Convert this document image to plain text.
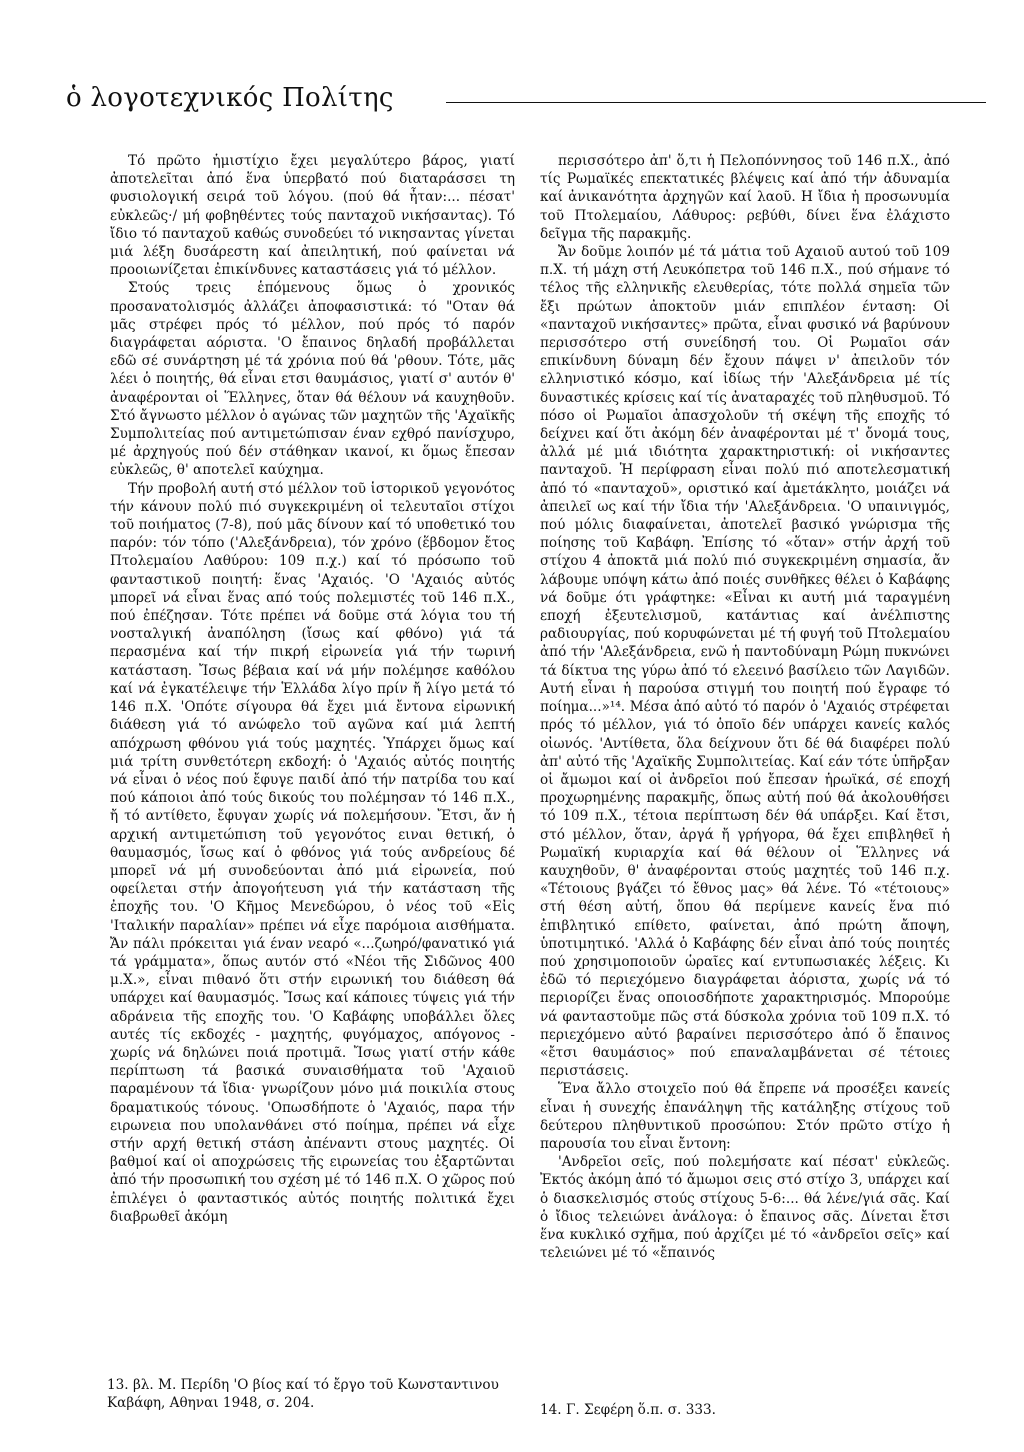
ὁ λογοτεχνικός Πολίτης

Τό πρῶτο ἡμιστίχιο ἔχει μεγαλύτερο βάρος, γιατί ἀποτελεῖται ἀπό ἕνα ὑπερβατό πού διαταράσσει τη φυσιολογική σειρά τοῦ λόγου. (πού θά ἦταν:... πέσατ' εὐκλεῶς·/ μή φοβηθέντες τούς πανταχοῦ νικήσαντας). Τό ἴδιο τό πανταχοῦ καθώς συνοδεύει τό νικησαντας γίνεται μιά λέξη δυσάρεστη καί ἀπειλητική, πού φαίνεται νά προοιωνίζεται ἐπικίνδυνες καταστάσεις γιά τό μέλλον.

Στούς τρεις ἑπόμενους ὅμως ὁ χρονικός προσανατολισμός ἀλλάζει ἀποφασιστικά: τό "Οταν θά μᾶς στρέφει πρός τό μέλλον, πού πρός τό παρόν διαγράφεται αόριστα. 'Ο ἔπαινος δηλαδή προβάλλεται εδῶ σέ συνάρτηση μέ τά χρόνια πού θά 'ρθουν. Τότε, μᾶς λέει ὁ ποιητής, θά εἶναι ετσι θαυμάσιος, γιατί σ' αυτόν θ' ἀναφέρονται οἱ Ἕλληνες, ὅταν θά θέλουν νά καυχηθοῦν. Στό ἄγνωστο μέλλον ὁ αγώνας τῶν μαχητῶν τῆς 'Αχαϊκῆς Συμπολιτείας πού αντιμετώπισαν έναν εχθρό πανίσχυρο, μέ ἀρχηγούς πού δέν στάθηκαν ικανοί, κι ὅμως ἔπεσαν εὐκλεῶς, θ' αποτελεῖ καύχημα.

Τήν προβολή αυτή στό μέλλον τοῦ ἱστορικοῦ γεγονότος τήν κάνουν πολύ πιό συγκεκριμένη οἱ τελευταῖοι στίχοι τοῦ ποιήματος (7-8), πού μᾶς δίνουν καί τό υποθετικό του παρόν: τόν τόπο ('Αλεξάνδρεια), τόν χρόνο (ἕβδομον ἔτος Πτολεμαίου Λαθύρου: 109 π.χ.) καί τό πρόσωπο τοῦ φανταστικοῦ ποιητή: ἕνας 'Αχαιός. 'Ο 'Αχαιός αὐτός μπορεῖ νά εἶναι ἕνας από τούς πολεμιστές τοῦ 146 π.Χ., πού ἐπέζησαν. Τότε πρέπει νά δοῦμε στά λόγια του τή νοσταλγική ἀναπόληση (ἴσως καί φθόνο) γιά τά περασμένα καί τήν πικρή εἰρωνεία γιά τήν τωρινή κατάσταση. Ἴσως βέβαια καί νά μήν πολέμησε καθόλου καί νά ἐγκατέλειψε τήν Ἑλλάδα λίγο πρίν ἤ λίγο μετά τό 146 π.Χ. 'Οπότε σίγουρα θά ἔχει μιά ἔντονα εἰρωνική διάθεση γιά τό ανώφελο τοῦ αγῶνα καί μιά λεπτή απόχρωση φθόνου γιά τούς μαχητές. Ὑπάρχει ὅμως καί μιά τρίτη συνθετότερη εκδοχή: ὁ 'Αχαιός αὐτός ποιητής νά εἶναι ὁ νέος πού ἔφυγε παιδί ἀπό τήν πατρίδα του καί πού κάποιοι ἀπό τούς δικούς του πολέμησαν τό 146 π.Χ., ἤ τό αντίθετο, ἔφυγαν χωρίς νά πολεμήσουν. Ἔτσι, ἄν ἡ αρχική αντιμετώπιση τοῦ γεγονότος ειναι θετική, ὁ θαυμασμός, ἴσως καί ὁ φθόνος γιά τούς ανδρείους δέ μπορεῖ νά μή συνοδεύονται ἀπό μιά εἰρωνεία, πού οφείλεται στήν ἀπογοήτευση γιά τήν κατάσταση τῆς ἐποχῆς του. 'Ο Κῆμος Μενεδώρου, ὁ νέος τοῦ «Εἰς 'Ιταλικήν παραλίαν» πρέπει νά εἶχε παρόμοια αισθήματα. Ἄν πάλι πρόκειται γιά έναν νεαρό «...ζωηρό/φανατικό γιά τά γράμματα», ὅπως αυτόν στό «Νέοι τῆς Σιδῶνος 400 μ.Χ.», εἶναι πιθανό ὅτι στήν ειρωνική του διάθεση θά υπάρχει καί θαυμασμός. Ἴσως καί κάποιες τύψεις γιά τήν αδράνεια τῆς εποχῆς του. 'Ο Καβάφης υποβάλλει ὅλες αυτές τίς εκδοχές - μαχητής, φυγόμαχος, απόγονος - χωρίς νά δηλώνει ποιά προτιμᾶ. Ἴσως γιατί στήν κάθε περίπτωση τά βασικά συναισθήματα τοῦ 'Αχαιοῦ παραμένουν τά ἴδια· γνωρίζουν μόνο μιά ποικιλία στους δραματικούς τόνους. 'Οπωσδήποτε ὁ 'Αχαιός, παρα τήν ειρωνεια που υπολανθάνει στό ποίημα, πρέπει νά εἶχε στήν αρχή θετική στάση ἀπέναντι στους μαχητές. Οἱ βαθμοί καί οἱ αποχρώσεις τῆς ειρωνείας του ἐξαρτῶνται ἀπό τήν προσωπική του σχέση μέ τό 146 π.Χ. Ο χῶρος πού ἐπιλέγει ὁ φανταστικός αὐτός ποιητής πολιτικά ἔχει διαβρωθεῖ ἀκόμη

περισσότερο ἀπ' ὅ,τι ἡ Πελοπόννησος τοῦ 146 π.Χ., ἀπό τίς Ρωμαϊκές επεκτατικές βλέψεις καί ἀπό τήν ἀδυναμία καί ἀνικανότητα ἀρχηγῶν καί λαοῦ. Η ἴδια ἡ προσωνυμία τοῦ Πτολεμαίου, Λάθυρος: ρεβύθι, δίνει ἕνα ἐλάχιστο δεῖγμα τῆς παρακμῆς.

Ἄν δοῦμε λοιπόν μέ τά μάτια τοῦ Αχαιοῦ αυτού τοῦ 109 π.Χ. τή μάχη στή Λευκόπετρα τοῦ 146 π.Χ., πού σήμανε τό τέλος τῆς ελληνικῆς ελευθερίας, τότε πολλά σημεῖα τῶν ἔξι πρώτων ἀποκτοῦν μιάν επιπλέον ένταση: Οἱ «πανταχοῦ νικήσαντες» πρῶτα, εἶναι φυσικό νά βαρύνουν περισσότερο στή συνείδησή του. Οἱ Ρωμαῖοι σάν επικίνδυνη δύναμη δέν ἔχουν πάψει ν' ἀπειλοῦν τόν ελληνιστικό κόσμο, καί ἰδίως τήν 'Αλεξάνδρεια μέ τίς δυναστικές κρίσεις καί τίς ἀναταραχές τοῦ πληθυσμοῦ. Τό πόσο οἱ Ρωμαῖοι ἀπασχολοῦν τή σκέψη τῆς εποχῆς τό δείχνει καί ὅτι ἀκόμη δέν ἀναφέρονται μέ τ' ὄνομά τους, ἀλλά μέ μιά ιδιότητα χαρακτηριστική: οἱ νικήσαντες πανταχοῦ. Ἡ περίφραση εἶναι πολύ πιό αποτελεσματική ἀπό τό «πανταχοῦ», οριστικό καί ἀμετάκλητο, μοιάζει νά ἀπειλεῖ ως καί τήν ἴδια τήν 'Αλεξάνδρεια. 'Ο υπαινιγμός, πού μόλις διαφαίνεται, ἀποτελεῖ βασικό γνώρισμα τῆς ποίησης τοῦ Καβάφη. Ἐπίσης τό «ὅταν» στήν ἀρχή τοῦ στίχου 4 ἀποκτᾶ μιά πολύ πιό συγκεκριμένη σημασία, ἄν λάβουμε υπόψη κάτω ἀπό ποιές συνθῆκες θέλει ὁ Καβάφης νά δοῦμε ότι γράφτηκε: «Εἶναι κι αυτή μιά ταραγμένη εποχή ἐξευτελισμοῦ, κατάντιας καί ἀνέλπιστης ραδιουργίας, πού κορυφώνεται μέ τή φυγή τοῦ Πτολεμαίου ἀπό τήν 'Αλεξάνδρεια, ενῶ ἡ παντοδύναμη Ρώμη πυκνώνει τά δίκτυα της γύρω ἀπό τό ελεεινό βασίλειο τῶν Λαγιδῶν. Αυτή εἶναι ἡ παρούσα στιγμή του ποιητή πού ἔγραφε τό ποίημα...»¹⁴. Μέσα ἀπό αὐτό τό παρόν ὁ 'Αχαιός στρέφεται πρός τό μέλλον, γιά τό ὁποῖο δέν υπάρχει κανείς καλός οἰωνός. 'Αντίθετα, ὅλα δείχνουν ὅτι δέ θά διαφέρει πολύ ἀπ' αὐτό τῆς 'Αχαϊκῆς Συμπολιτείας. Καί εάν τότε ὑπῆρξαν οἱ ἄμωμοι καί οἱ ἀνδρεῖοι πού ἔπεσαν ἡρωϊκά, σέ εποχή προχωρημένης παρακμῆς, ὅπως αὐτή πού θά ἀκολουθήσει τό 109 π.Χ., τέτοια περίπτωση δέν θά υπάρξει. Καί ἔτσι, στό μέλλον, ὅταν, ἀργά ἤ γρήγορα, θά ἔχει επιβληθεῖ ἡ Ρωμαϊκή κυριαρχία καί θά θέλουν οἱ Ἕλληνες νά καυχηθοῦν, θ' ἀναφέρονται στούς μαχητές τοῦ 146 π.χ. «Τέτοιους βγάζει τό ἔθνος μας» θά λένε. Τό «τέτοιους» στή θέση αὐτή, ὅπου θά περίμενε κανείς ἕνα πιό ἐπιβλητικό επίθετο, φαίνεται, ἀπό πρώτη ἄποψη, ὑποτιμητικό. 'Αλλά ὁ Καβάφης δέν εἶναι ἀπό τούς ποιητές πού χρησιμοποιοῦν ὡραῖες καί εντυπωσιακές λέξεις. Κι ἐδῶ τό περιεχόμενο διαγράφεται ἀόριστα, χωρίς νά τό περιορίζει ἕνας οποιοσδήποτε χαρακτηρισμός. Μπορούμε νά φανταστοῦμε πῶς στά δύσκολα χρόνια τοῦ 109 π.Χ. τό περιεχόμενο αὐτό βαραίνει περισσότερο ἀπό ὅ ἔπαινος «ἔτσι θαυμάσιος» πού επαναλαμβάνεται σέ τέτοιες περιστάσεις.

Ἕνα ἄλλο στοιχεῖο πού θά ἔπρεπε νά προσέξει κανείς εἶναι ἡ συνεχής ἐπανάληψη τῆς κατάληξης στίχους τοῦ δεύτερου πληθυντικοῦ προσώπου: Στόν πρῶτο στίχο ἡ παρουσία του εἶναι ἔντονη:

'Ανδρεῖοι σεῖς, πού πολεμήσατε καί πέσατ' εὐκλεῶς. Ἐκτός ἀκόμη ἀπό τό ἄμωμοι σεις στό στίχο 3, υπάρχει καί ὁ διασκελισμός στούς στίχους 5-6:... θά λένε/γιά σᾶς. Καί ὁ ἴδιος τελειώνει ἀνάλογα: ὁ ἔπαινος σᾶς. Δίνεται ἔτσι ἕνα κυκλικό σχῆμα, πού ἀρχίζει μέ τό «ἀνδρεῖοι σεῖς» καί τελειώνει μέ τό «ἔπαινός

13. βλ. Μ. Περίδη 'Ο βίος καί τό ἔργο τοῦ Κωνσταντινου Καβάφη, Αθηναι 1948, σ. 204.	14. Γ. Σεφέρη ὅ.π. σ. 333.
